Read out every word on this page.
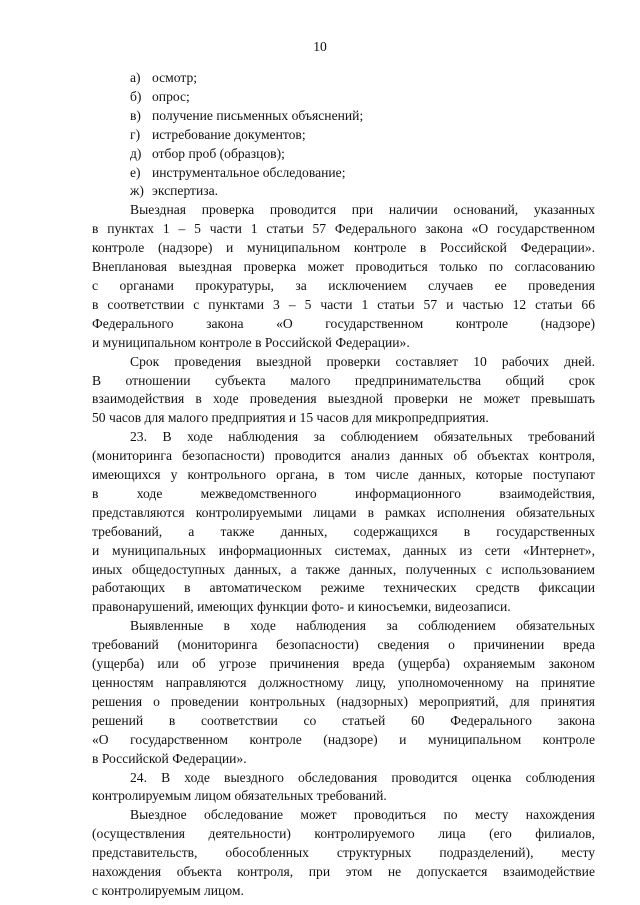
10
а) осмотр;
б) опрос;
в) получение письменных объяснений;
г) истребование документов;
д) отбор проб (образцов);
е) инструментальное обследование;
ж) экспертиза.
Выездная проверка проводится при наличии оснований, указанных
в пунктах 1 – 5 части 1 статьи 57 Федерального закона «О государственном
контроле (надзоре) и муниципальном контроле в Российской Федерации».
Внеплановая выездная проверка может проводиться только по согласованию
с органами прокуратуры, за исключением случаев ее проведения
в соответствии с пунктами 3 – 5 части 1 статьи 57 и частью 12 статьи 66
Федерального закона «О государственном контроле (надзоре)
и муниципальном контроле в Российской Федерации».
Срок проведения выездной проверки составляет 10 рабочих дней.
В отношении субъекта малого предпринимательства общий срок
взаимодействия в ходе проведения выездной проверки не может превышать
50 часов для малого предприятия и 15 часов для микропредприятия.
23. В ходе наблюдения за соблюдением обязательных требований
(мониторинга безопасности) проводится анализ данных об объектах контроля,
имеющихся у контрольного органа, в том числе данных, которые поступают
в ходе межведомственного информационного взаимодействия,
представляются контролируемыми лицами в рамках исполнения обязательных
требований, а также данных, содержащихся в государственных
и муниципальных информационных системах, данных из сети «Интернет»,
иных общедоступных данных, а также данных, полученных с использованием
работающих в автоматическом режиме технических средств фиксации
правонарушений, имеющих функции фото- и киносъемки, видеозаписи.
Выявленные в ходе наблюдения за соблюдением обязательных
требований (мониторинга безопасности) сведения о причинении вреда
(ущерба) или об угрозе причинения вреда (ущерба) охраняемым законом
ценностям направляются должностному лицу, уполномоченному на принятие
решения о проведении контрольных (надзорных) мероприятий, для принятия
решений в соответствии со статьей 60 Федерального закона
«О государственном контроле (надзоре) и муниципальном контроле
в Российской Федерации».
24. В ходе выездного обследования проводится оценка соблюдения
контролируемым лицом обязательных требований.
Выездное обследование может проводиться по месту нахождения
(осуществления деятельности) контролируемого лица (его филиалов,
представительств, обособленных структурных подразделений), месту
нахождения объекта контроля, при этом не допускается взаимодействие
с контролируемым лицом.
